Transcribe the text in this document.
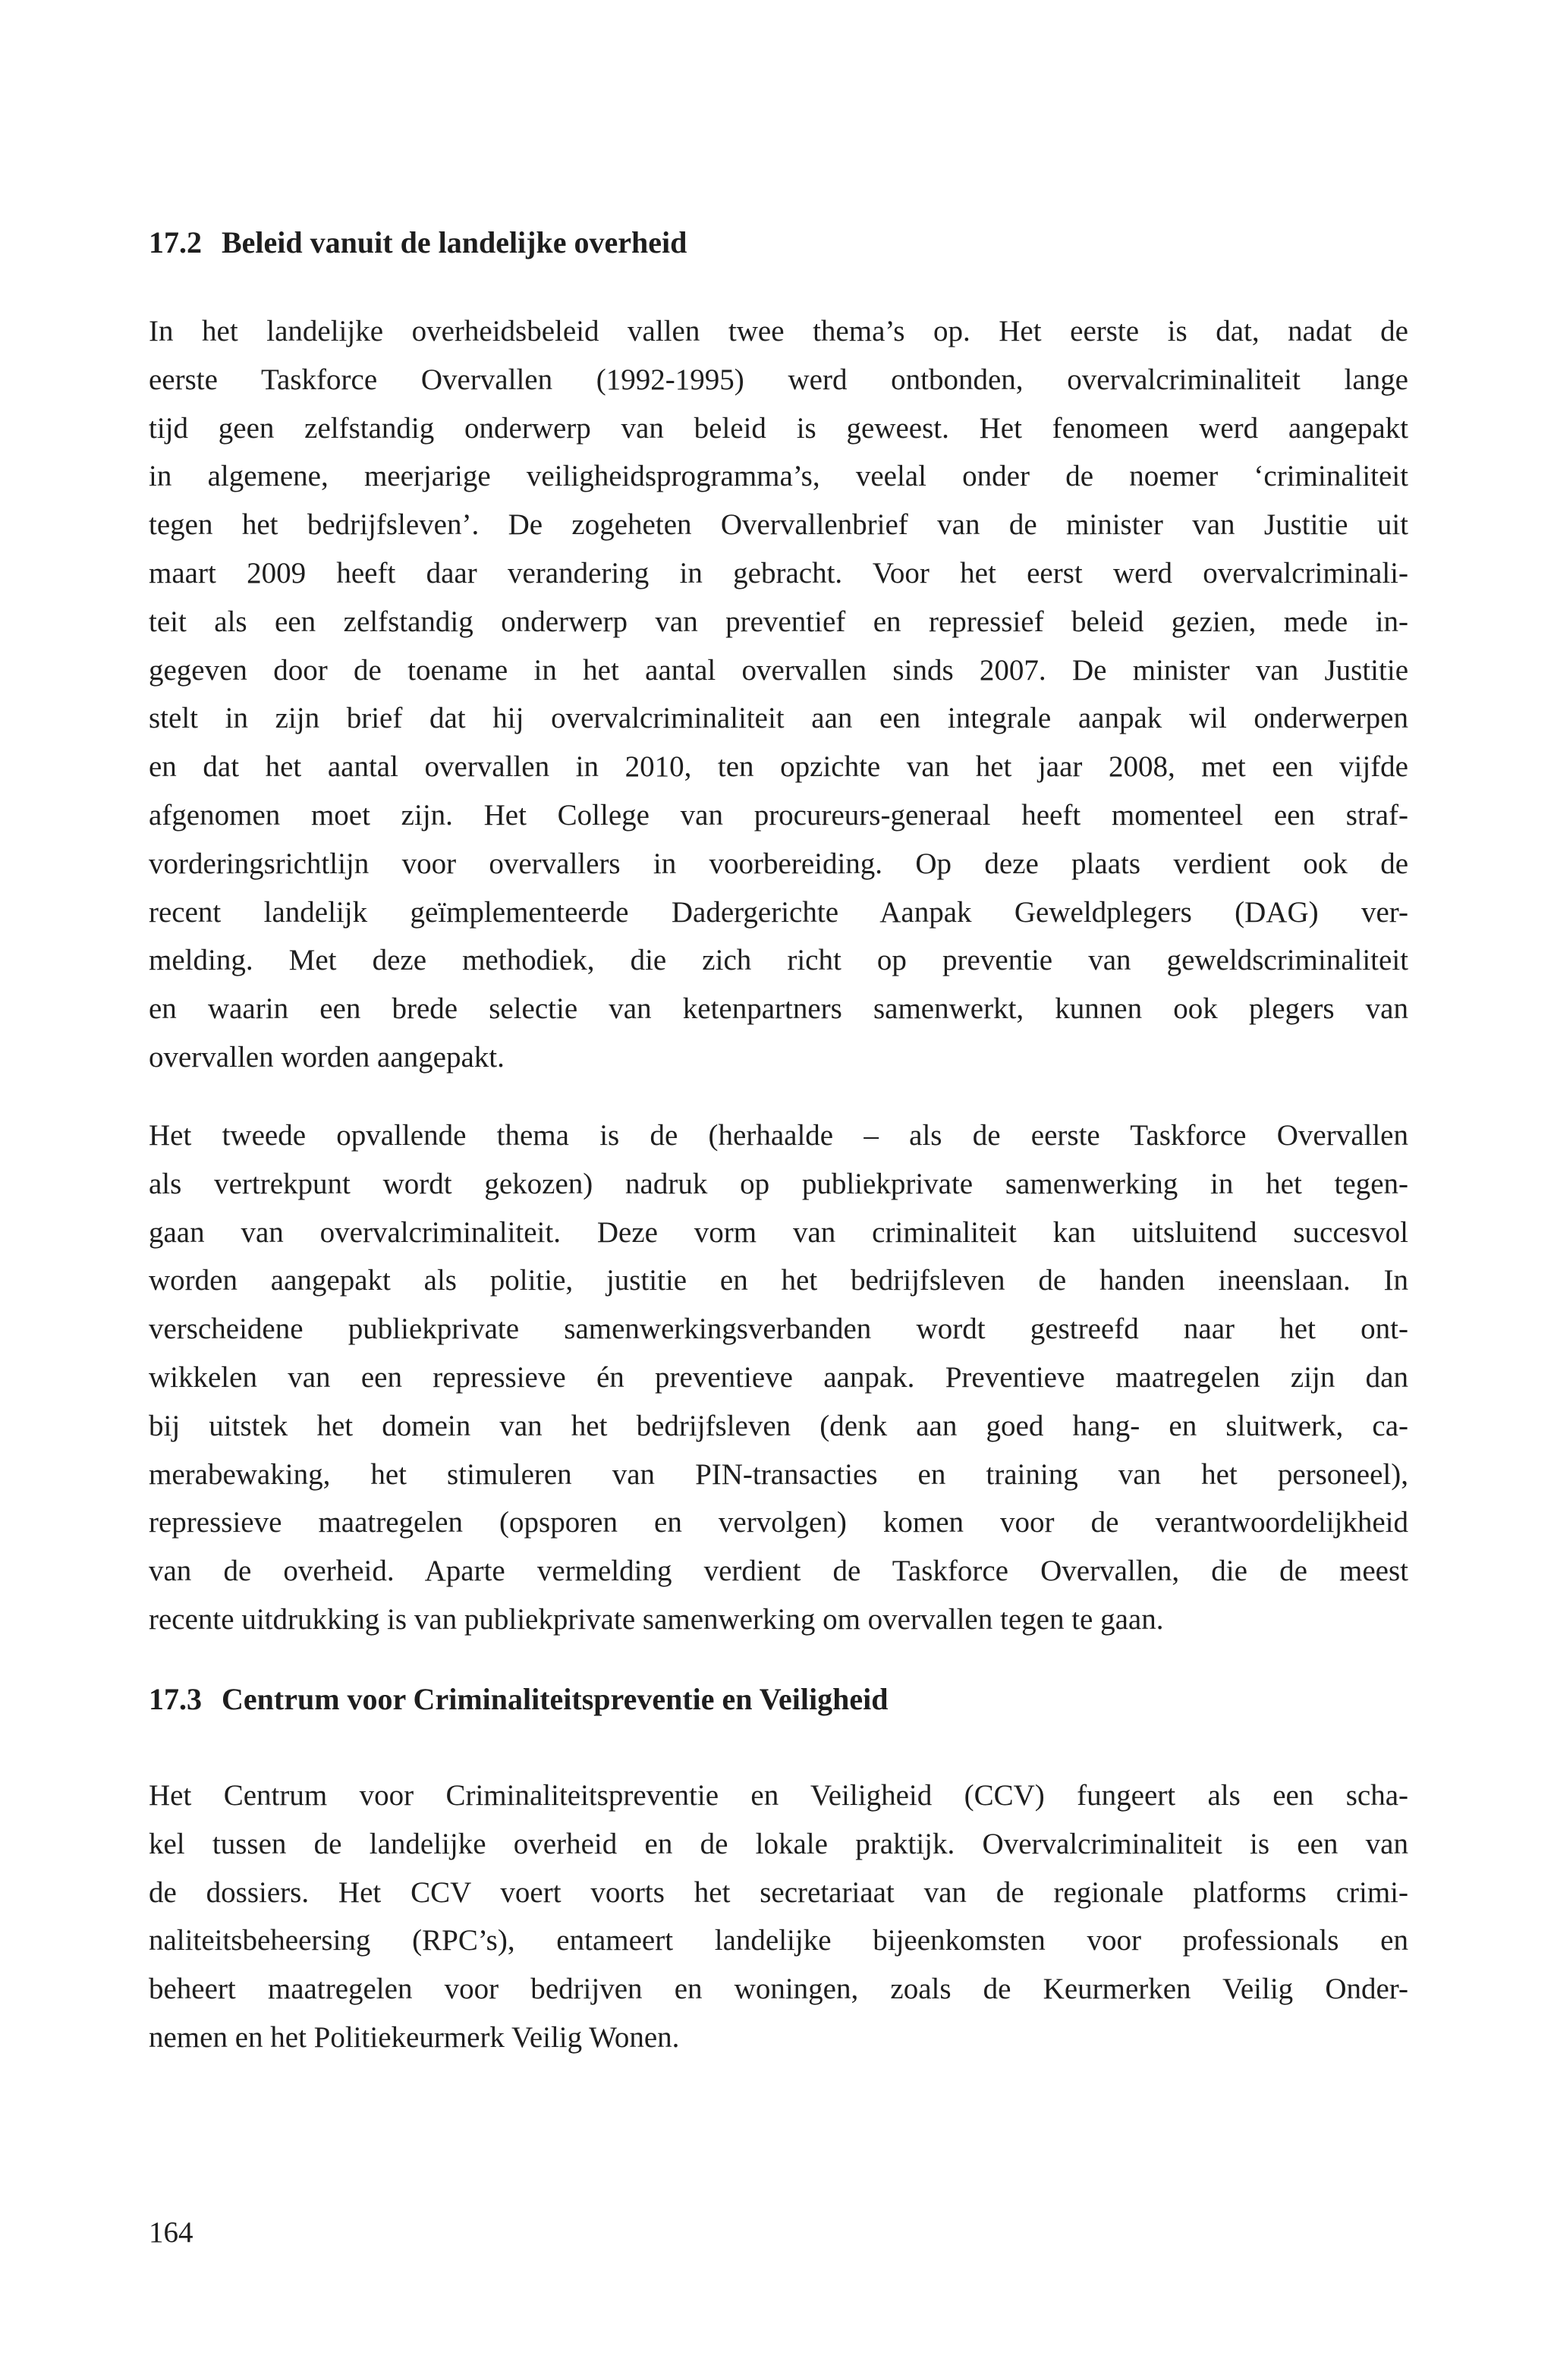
17.2 Beleid vanuit de landelijke overheid

In het landelijke overheidsbeleid vallen twee thema’s op. Het eerste is dat, nadat de
eerste Taskforce Overvallen (1992-1995) werd ontbonden, overvalcriminaliteit lange
tijd geen zelfstandig onderwerp van beleid is geweest. Het fenomeen werd aangepakt
in algemene, meerjarige veiligheidsprogramma’s, veelal onder de noemer ‘criminaliteit
tegen het bedrijfsleven’. De zogeheten Overvallenbrief van de minister van Justitie uit
maart 2009 heeft daar verandering in gebracht. Voor het eerst werd overvalcriminali-
teit als een zelfstandig onderwerp van preventief en repressief beleid gezien, mede in-
gegeven door de toename in het aantal overvallen sinds 2007. De minister van Justitie
stelt in zijn brief dat hij overvalcriminaliteit aan een integrale aanpak wil onderwerpen
en dat het aantal overvallen in 2010, ten opzichte van het jaar 2008, met een vijfde
afgenomen moet zijn. Het College van procureurs-generaal heeft momenteel een straf-
vorderingsrichtlijn voor overvallers in voorbereiding. Op deze plaats verdient ook de
recent landelijk geïmplementeerde Dadergerichte Aanpak Geweldplegers (DAG) ver-
melding. Met deze methodiek, die zich richt op preventie van geweldscriminaliteit
en waarin een brede selectie van ketenpartners samenwerkt, kunnen ook plegers van
overvallen worden aangepakt.

Het tweede opvallende thema is de (herhaalde – als de eerste Taskforce Overvallen
als vertrekpunt wordt gekozen) nadruk op publiekprivate samenwerking in het tegen-
gaan van overvalcriminaliteit. Deze vorm van criminaliteit kan uitsluitend succesvol
worden aangepakt als politie, justitie en het bedrijfsleven de handen ineenslaan. In
verscheidene publiekprivate samenwerkingsverbanden wordt gestreefd naar het ont-
wikkelen van een repressieve én preventieve aanpak. Preventieve maatregelen zijn dan
bij uitstek het domein van het bedrijfsleven (denk aan goed hang- en sluitwerk, ca-
merabewaking, het stimuleren van PIN-transacties en training van het personeel),
repressieve maatregelen (opsporen en vervolgen) komen voor de verantwoordelijkheid
van de overheid. Aparte vermelding verdient de Taskforce Overvallen, die de meest
recente uitdrukking is van publiekprivate samenwerking om overvallen tegen te gaan.

17.3 Centrum voor Criminaliteitspreventie en Veiligheid

Het Centrum voor Criminaliteitspreventie en Veiligheid (CCV) fungeert als een scha-
kel tussen de landelijke overheid en de lokale praktijk. Overvalcriminaliteit is een van
de dossiers. Het CCV voert voorts het secretariaat van de regionale platforms crimi-
naliteitsbeheersing (RPC’s), entameert landelijke bijeenkomsten voor professionals en
beheert maatregelen voor bedrijven en woningen, zoals de Keurmerken Veilig Onder-
nemen en het Politiekeurmerk Veilig Wonen.

164
